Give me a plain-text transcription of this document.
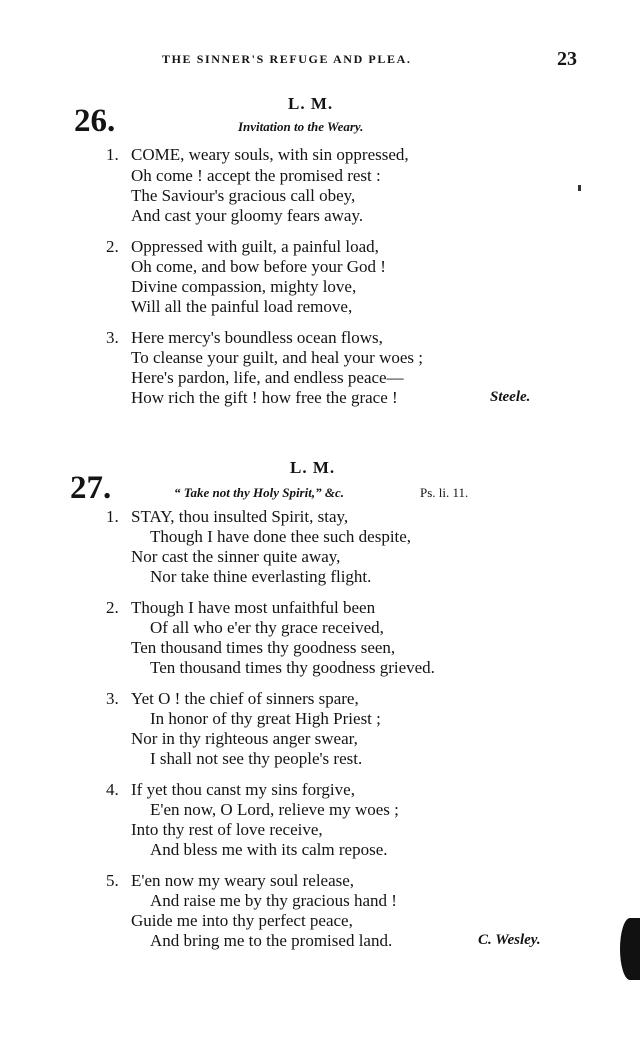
THE SINNER'S REFUGE AND PLEA.	23
26.	L. M.
Invitation to the Weary.
1. COME, weary souls, with sin oppressed,
Oh come ! accept the promised rest :
The Saviour's gracious call obey,
And cast your gloomy fears away.
2. Oppressed with guilt, a painful load,
Oh come, and bow before your God !
Divine compassion, mighty love,
Will all the painful load remove,
3. Here mercy's boundless ocean flows,
To cleanse your guilt, and heal your woes ;
Here's pardon, life, and endless peace—
How rich the gift ! how free the grace !	Steele.
27.
L. M.
“ Take not thy Holy Spirit,” &c.	Ps. li. 11.
1. STAY, thou insulted Spirit, stay,
Though I have done thee such despite,
Nor cast the sinner quite away,
Nor take thine everlasting flight.
2. Though I have most unfaithful been
Of all who e'er thy grace received,
Ten thousand times thy goodness seen,
Ten thousand times thy goodness grieved.
3. Yet O ! the chief of sinners spare,
In honor of thy great High Priest ;
Nor in thy righteous anger swear,
I shall not see thy people's rest.
4. If yet thou canst my sins forgive,
E'en now, O Lord, relieve my woes ;
Into thy rest of love receive,
And bless me with its calm repose.
5. E'en now my weary soul release,
And raise me by thy gracious hand !
Guide me into thy perfect peace,
And bring me to the promised land.	C. Wesley.
